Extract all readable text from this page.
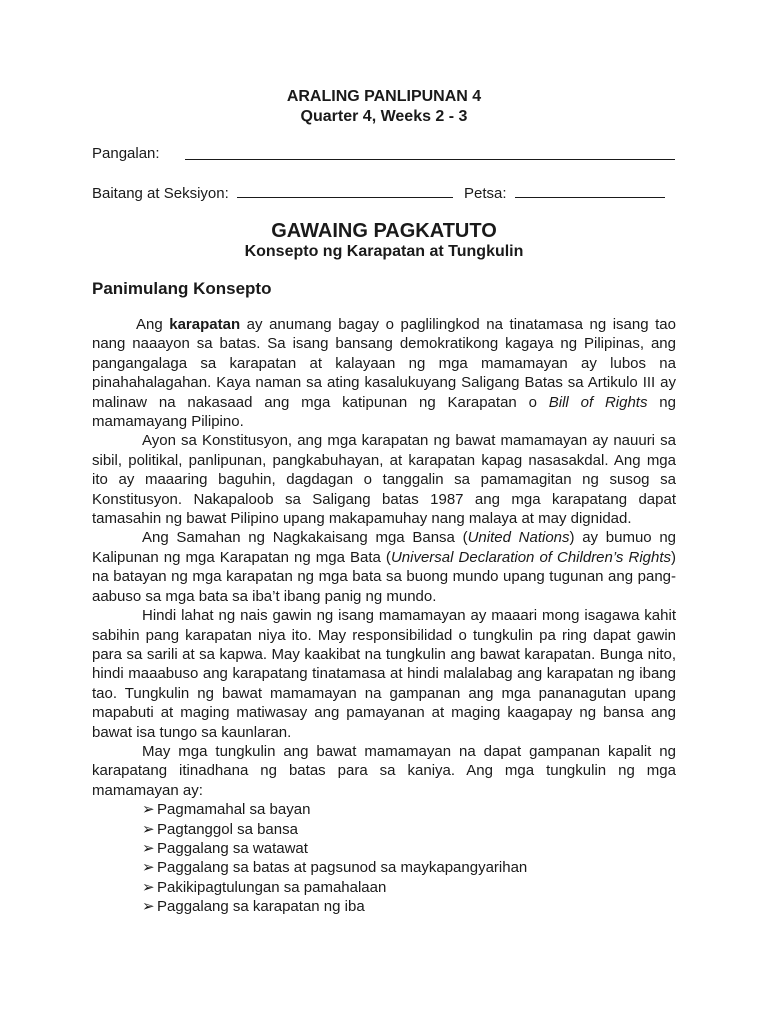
ARALING PANLIPUNAN 4
Quarter 4, Weeks 2 - 3
Pangalan:
Baitang at Seksiyon:	Petsa:
GAWAING PAGKATUTO
Konsepto ng Karapatan at Tungkulin
Panimulang Konsepto

Ang karapatan ay anumang bagay o paglilingkod na tinatamasa ng isang tao nang naaayon sa batas. Sa isang bansang demokratikong kagaya ng Pilipinas, ang pangangalaga sa karapatan at kalayaan ng mga mamamayan ay lubos na pinahahalagahan. Kaya naman sa ating kasalukuyang Saligang Batas sa Artikulo III ay malinaw na nakasaad ang mga katipunan ng Karapatan o Bill of Rights ng mamamayang Pilipino.

Ayon sa Konstitusyon, ang mga karapatan ng bawat mamamayan ay nauuri sa sibil, politikal, panlipunan, pangkabuhayan, at karapatan kapag nasasakdal. Ang mga ito ay maaaring baguhin, dagdagan o tanggalin sa pamamagitan ng susog sa Konstitusyon. Nakapaloob sa Saligang batas 1987 ang mga karapatang dapat tamasahin ng bawat Pilipino upang makapamuhay nang malaya at may dignidad.

Ang Samahan ng Nagkakaisang mga Bansa (United Nations) ay bumuo ng Kalipunan ng mga Karapatan ng mga Bata (Universal Declaration of Children’s Rights) na batayan ng mga karapatan ng mga bata sa buong mundo upang tugunan ang pang-aabuso sa mga bata sa iba’t ibang panig ng mundo.

Hindi lahat ng nais gawin ng isang mamamayan ay maaari mong isagawa kahit sabihin pang karapatan niya ito. May responsibilidad o tungkulin pa ring dapat gawin para sa sarili at sa kapwa. May kaakibat na tungkulin ang bawat karapatan. Bunga nito, hindi maaabuso ang karapatang tinatamasa at hindi malalabag ang karapatan ng ibang tao. Tungkulin ng bawat mamamayan na gampanan ang mga pananagutan upang mapabuti at maging matiwasay ang pamayanan at maging kaagapay ng bansa ang bawat isa tungo sa kaunlaran.

May mga tungkulin ang bawat mamamayan na dapat gampanan kapalit ng karapatang itinadhana ng batas para sa kaniya. Ang mga tungkulin ng mga mamamayan ay:

➢ Pagmamahal sa bayan
➢ Pagtanggol sa bansa
➢ Paggalang sa watawat
➢ Paggalang sa batas at pagsunod sa maykapangyarihan
➢ Pakikipagtulungan sa pamahalaan
➢ Paggalang sa karapatan ng iba
